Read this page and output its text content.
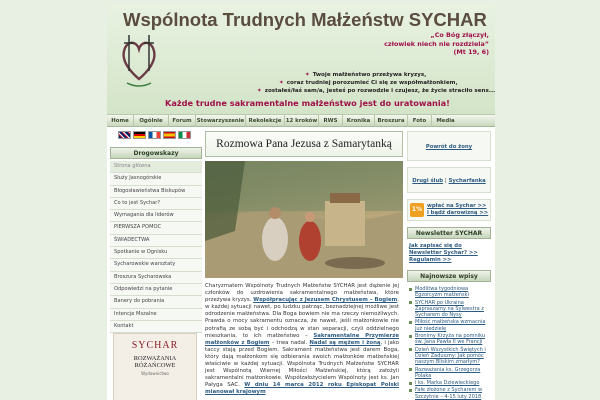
Wspólnota Trudnych Małżeństw SYCHAR
„Co Bóg złączył,
człowiek niech nie rozdziela”
(Mt 19, 6)
✦ Twoje małżeństwo przeżywa kryzys,
✦ coraz trudniej porozumieć Ci się ze współmałżonkiem,
✦ zostałeś/łaś sam/a, jesteś po rozwodzie i czujesz, że życie straciło sens...
Każde trudne sakramentalne małżeństwo jest do uratowania!
Home	Ogólnie	Forum Stowarzyszenie Rekolekcje 12 kroków	RWS	Kronika	Broszura	Foto	Media
Drogowskazy
Strona główna
Służy Jasnogórskie
Błogosławieństwa Biskupów
Co to jest Sychar?
Wymagania dla liderów
PIERWSZA POMOC
ŚWIADECTWA
Spotkanie w Ognisku
Sycharowskie warsztaty
Broszura Sycharowska
Odpowiedzi na pytanie
Banery do pobrania
Intencje Mszalne
Kontakt
SYCHAR
ROZWAŻANIA RÓŻAŃCOWE
Wydawnictwo
Rozmowa Pana Jezusa z Samarytanką
Charyzmatem Wspólnoty Trudnych Małżeństw SYCHAR jest dążenie jej członków do uzdrowienia sakramentalnego małżeństwa, które przeżywa kryzys. Współpracując z Jezusem Chrystusem – Bogiem, w każdej sytuacji nawet, po ludzku patrząc, beznadziejnej możliwe jest odrodzenie małżeństwa. Dla Boga bowiem nie ma rzeczy niemożliwych. Prawda o mocy sakramentu oznacza, że nawet, jeśli małżonkowie nie potrafią ze sobą być i odchodzą w stan separacji, czyli oddzielnego mieszkania, to ich małżeństwo – Sakramentalne Przymierze małżonków z Bogiem – trwa nadal. Nadal są mężem i żoną, i jako taccy stają przed Bogiem. Sakrament małżeństwa jest darem Boga, który dają małżonkom się odbierania swoich małżonków małżeńskiej właściwie w każdej sytuacji. Wspólnota Trudnych Małżeństw SYCHAR jest Wspólnotą Wiernej Miłości Małżeńskiej, którą założyli sakramentalni małżonkowie. Współzałożycielem Wspólnoty jest ks. Jan Pałyga SAC. W dniu 14 marca 2012 roku Episkopat Polski mianował krajowym
Powrót do żony
Drugi ślub | Sycharfanka
1% wpłać na Sychar >>
i bądź darowizną >>
Newsletter SYCHAR
Jak zapisać się do Newsletter Sychar? >>
Regulamin >>
Najnowsze wpisy
Modlitwa tygodniowa Egzorcyzm małżeński
SYCHAR po Ukraina Zapraszamy na Sylwestra z Sycharem do Nysy
Miłość małżeńska wzmacnia już niedzielę
Bronimy Krzyża na pomniku św. Jana Pawła II we Francji
Dzień Wszystkich Świętych i Dzień Zaduszny: Jak pomóc naszym Bliskim zmarłym?
Rozważania ks. Grzegorza Polaka
i ks. Marka Dziewieckiego
Fałe złożone z Sycharem w Szczytnie – 4-15 luty 2018
